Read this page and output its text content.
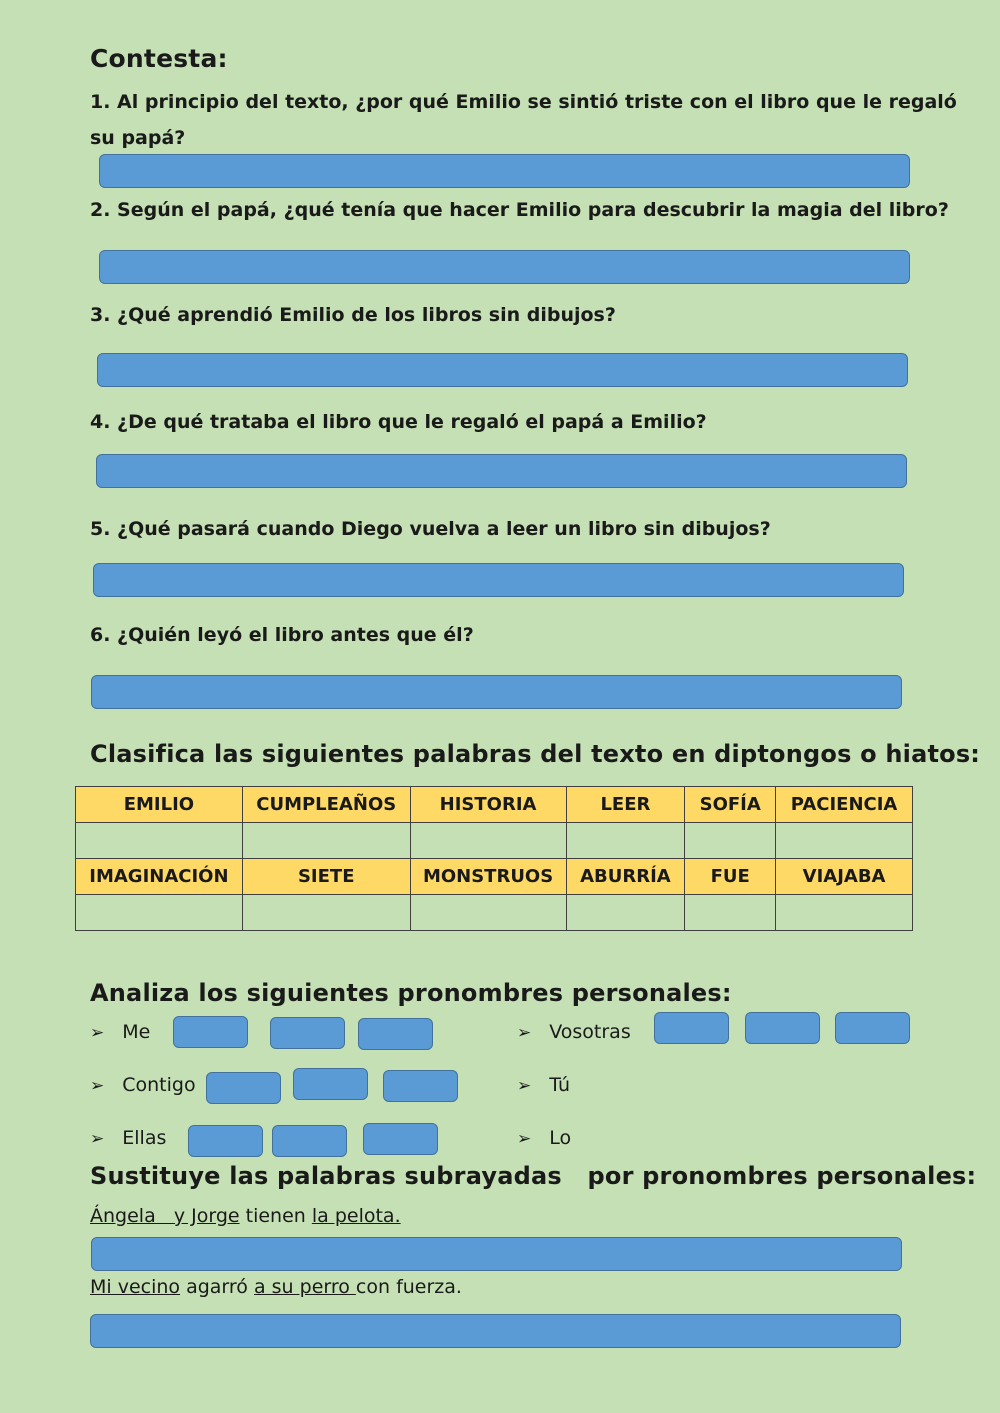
Contesta:
1. Al principio del texto, ¿por qué Emilio se sintió triste con el libro que le regaló
su papá?
2. Según el papá, ¿qué tenía que hacer Emilio para descubrir la magia del libro?
3. ¿Qué aprendió Emilio de los libros sin dibujos?
4. ¿De qué trataba el libro que le regaló el papá a Emilio?
5. ¿Qué pasará cuando Diego vuelva a leer un libro sin dibujos?
6. ¿Quién leyó el libro antes que él?
Clasifica las siguientes palabras del texto en diptongos o hiatos:
EMILIO	CUMPLEAÑOS	HISTORIA	LEER	SOFÍA	PACIENCIA

IMAGINACIÓN	SIETE	MONSTRUOS	ABURRÍA	FUE	VIAJABA

Analiza los siguientes pronombres personales:
➢ Me
➢ Contigo
➢ Ellas
➢ Vosotras
➢ Tú
➢ Lo
Sustituye las palabras subrayadas   por pronombres personales:
Ángela   y Jorge tienen la pelota.
Mi vecino agarró a su perro con fuerza.
